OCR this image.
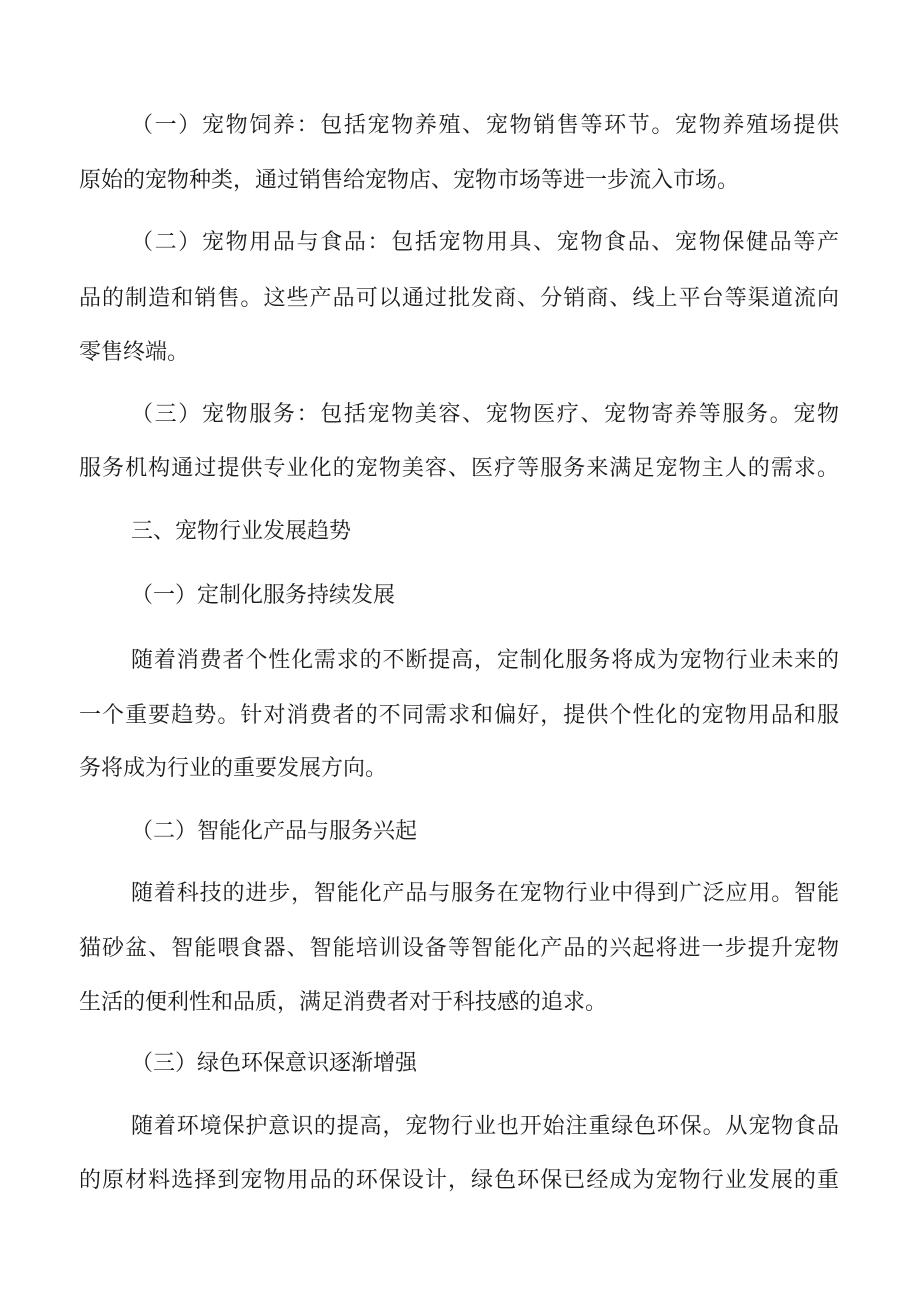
（一）宠物饲养：包括宠物养殖、宠物销售等环节。宠物养殖场提供
原始的宠物种类，通过销售给宠物店、宠物市场等进一步流入市场。
（二）宠物用品与食品：包括宠物用具、宠物食品、宠物保健品等产
品的制造和销售。这些产品可以通过批发商、分销商、线上平台等渠道流向
零售终端。
（三）宠物服务：包括宠物美容、宠物医疗、宠物寄养等服务。宠物
服务机构通过提供专业化的宠物美容、医疗等服务来满足宠物主人的需求。
三、宠物行业发展趋势
（一）定制化服务持续发展
随着消费者个性化需求的不断提高，定制化服务将成为宠物行业未来的
一个重要趋势。针对消费者的不同需求和偏好，提供个性化的宠物用品和服
务将成为行业的重要发展方向。
（二）智能化产品与服务兴起
随着科技的进步，智能化产品与服务在宠物行业中得到广泛应用。智能
猫砂盆、智能喂食器、智能培训设备等智能化产品的兴起将进一步提升宠物
生活的便利性和品质，满足消费者对于科技感的追求。
（三）绿色环保意识逐渐增强
随着环境保护意识的提高，宠物行业也开始注重绿色环保。从宠物食品
的原材料选择到宠物用品的环保设计，绿色环保已经成为宠物行业发展的重
